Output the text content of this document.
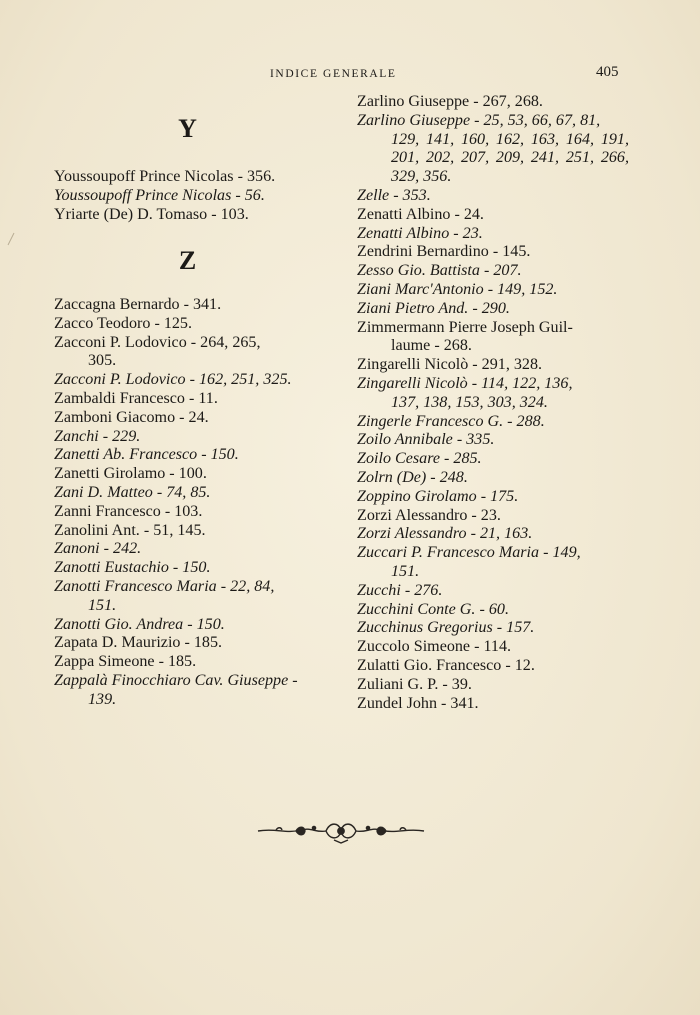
INDICE GENERALE	405
Y

Youssoupoff Prince Nicolas - 356.

Youssoupoff Prince Nicolas - 56.

Yriarte (De) D. Tomaso - 103.

Z

Zaccagna Bernardo - 341.

Zacco Teodoro - 125.

Zacconi P. Lodovico - 264, 265,
305.

Zacconi P. Lodovico - 162, 251, 325.

Zambaldi Francesco - 11.

Zamboni Giacomo - 24.

Zanchi - 229.

Zanetti Ab. Francesco - 150.

Zanetti Girolamo - 100.

Zani D. Matteo - 74, 85.

Zanni Francesco - 103.

Zanolini Ant. - 51, 145.

Zanoni - 242.

Zanotti Eustachio - 150.

Zanotti Francesco Maria - 22, 84,
151.

Zanotti Gio. Andrea - 150.

Zapata D. Maurizio - 185.

Zappa Simeone - 185.

Zappalà Finocchiaro Cav. Giuseppe -
139.

Zarlino Giuseppe - 267, 268.

Zarlino Giuseppe - 25, 53, 66, 67, 81,
129, 141, 160, 162, 163, 164, 191, 201, 202, 207, 209, 241, 251, 266, 329, 356.

Zelle - 353.

Zenatti Albino - 24.

Zenatti Albino - 23.

Zendrini Bernardino - 145.

Zesso Gio. Battista - 207.

Ziani Marc'Antonio - 149, 152.

Ziani Pietro And. - 290.

Zimmermann Pierre Joseph Guil-
laume - 268.

Zingarelli Nicolò - 291, 328.

Zingarelli Nicolò - 114, 122, 136,
137, 138, 153, 303, 324.

Zingerle Francesco G. - 288.

Zoilo Annibale - 335.

Zoilo Cesare - 285.

Zolrn (De) - 248.

Zoppino Girolamo - 175.

Zorzi Alessandro - 23.

Zorzi Alessandro - 21, 163.

Zuccari P. Francesco Maria - 149,
151.

Zucchi - 276.

Zucchini Conte G. - 60.

Zucchinus Gregorius - 157.

Zuccolo Simeone - 114.

Zulatti Gio. Francesco - 12.

Zuliani G. P. - 39.

Zundel John - 341.
